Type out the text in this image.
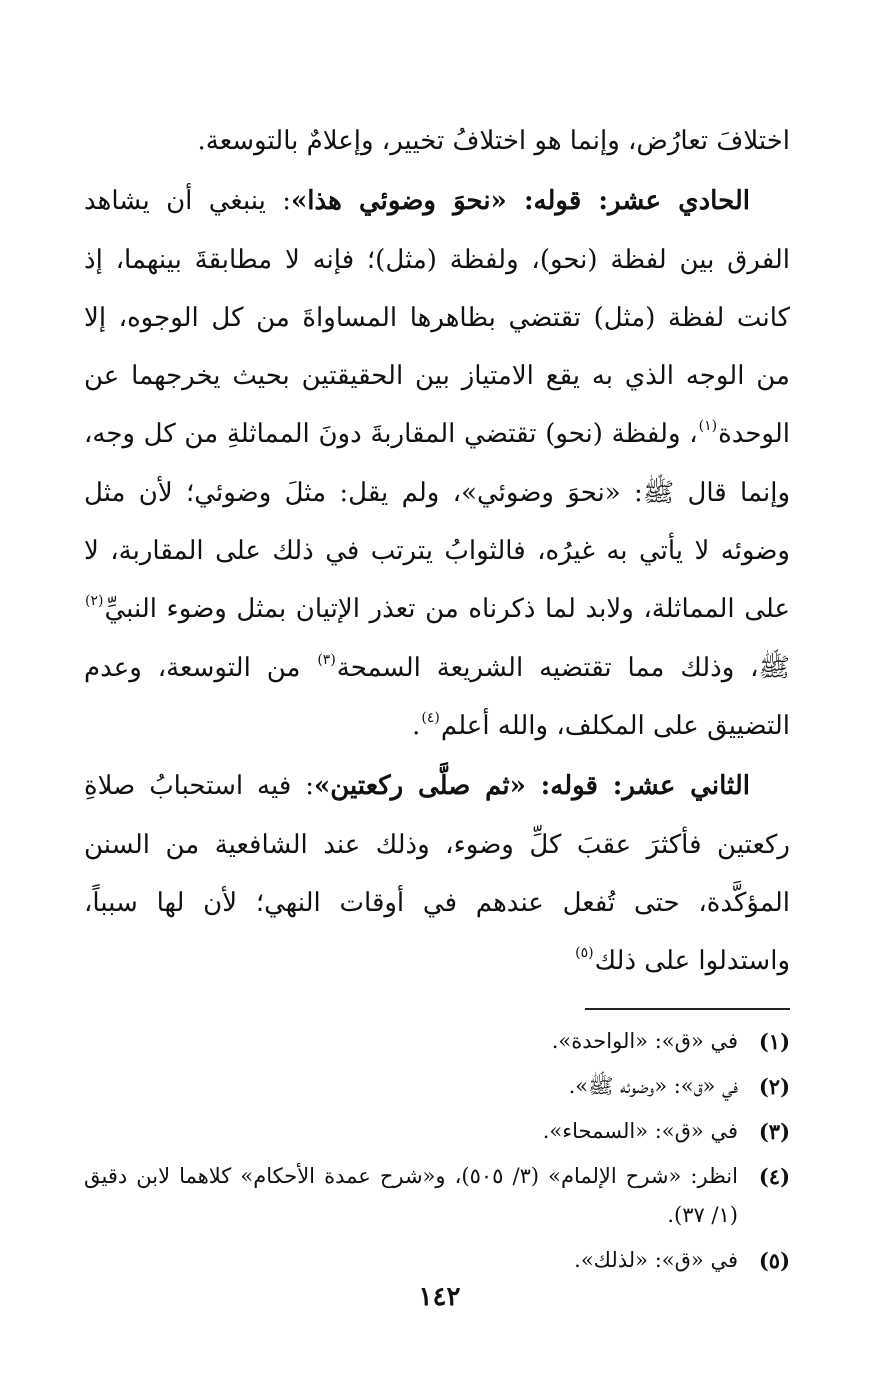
اختلافَ تعارُض، وإنما هو اختلافُ تخيير، وإعلامٌ بالتوسعة.

الحادي عشر: قوله: «نحوَ وضوئي هذا»: ينبغي أن يشاهد الفرق بين لفظة (نحو)، ولفظة (مثل)؛ فإنه لا مطابقةَ بينهما، إذ كانت لفظة (مثل) تقتضي بظاهرها المساواةَ من كل الوجوه، إلا من الوجه الذي به يقع الامتياز بين الحقيقتين بحيث يخرجهما عن الوحدة$^{(١)}$، ولفظة (نحو) تقتضي المقاربةَ دونَ المماثلةِ من كل وجه، وإنما قال ﷺ: «نحوَ وضوئي»، ولم يقل: مثلَ وضوئي؛ لأن مثل وضوئه لا يأتي به غيرُه، فالثوابُ يترتب في ذلك على المقاربة، لا على المماثلة، ولابد لما ذكرناه من تعذر الإتيان بمثل وضوء النبيِّ$^{(٢)}$ ﷺ، وذلك مما تقتضيه الشريعة السمحة$^{(٣)}$ من التوسعة، وعدم التضييق على المكلف، والله أعلم$^{(٤)}$.

الثاني عشر: قوله: «ثم صلَّى ركعتين»: فيه استحبابُ صلاةِ ركعتين فأكثرَ عقبَ كلِّ وضوء، وذلك عند الشافعية من السنن المؤكَّدة، حتى تُفعل عندهم في أوقات النهي؛ لأن لها سبباً، واستدلوا على ذلك$^{(٥)}$

(١)
في «ق»: «الواحدة».
(٢)
في «ق»: «وضوئه ﷺ».
(٣)
في «ق»: «السمحاء».
(٤)
انظر: «شرح الإلمام» (٣/ ٥٠٥)، و«شرح عمدة الأحكام» كلاهما لابن دقيق (١/ ٣٧).
(٥)
في «ق»: «لذلك».
١٤٢
